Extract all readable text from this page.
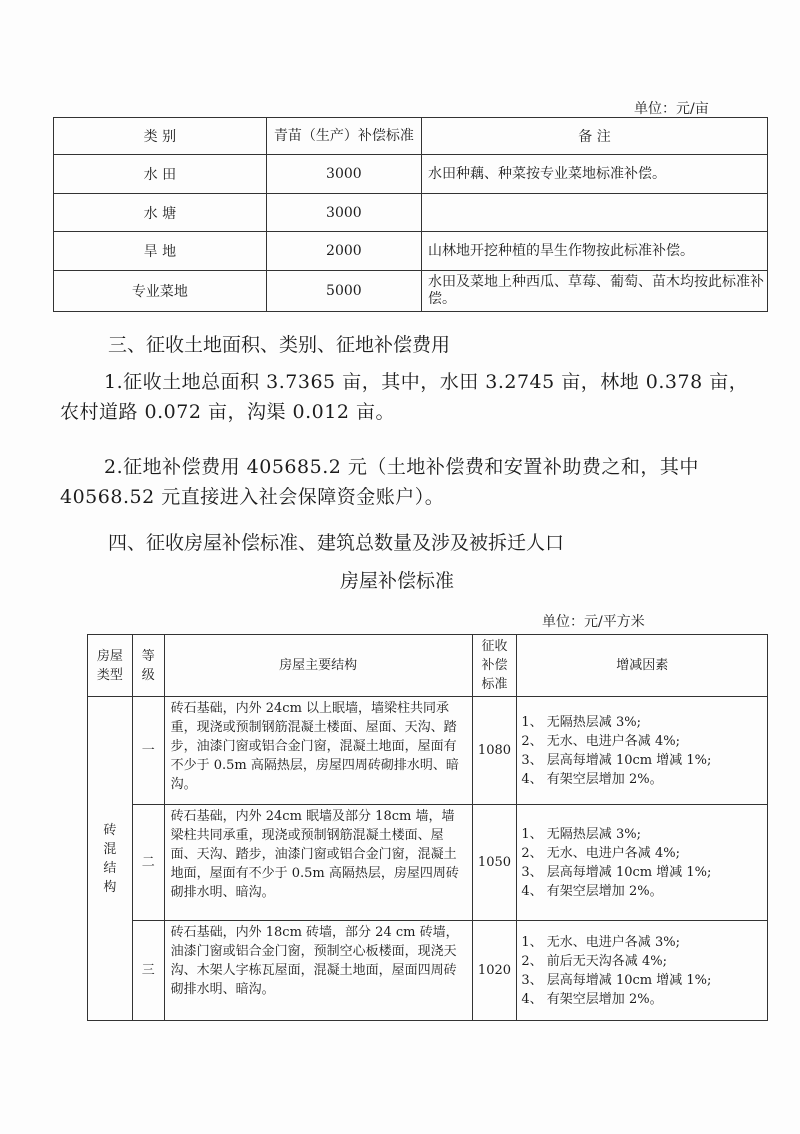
单位：元/亩
类 别	青苗（生产）补偿标准	备 注
水 田	3000	水田种藕、种菜按专业菜地标准补偿。
水 塘	3000	
旱 地	2000	山林地开挖种植的旱生作物按此标准补偿。
专业菜地	5000	水田及菜地上种西瓜、草莓、葡萄、苗木均按此标准补偿。
三、征收土地面积、类别、征地补偿费用
1.征收土地总面积 3.7365 亩，其中，水田 3.2745 亩，林地 0.378 亩，农村道路 0.072 亩，沟渠 0.012 亩。
2.征地补偿费用 405685.2 元（土地补偿费和安置补助费之和，其中 40568.52 元直接进入社会保障资金账户）。
四、征收房屋补偿标准、建筑总数量及涉及被拆迁人口
房屋补偿标准
单位：元/平方米
房屋类型	等级	房屋主要结构	征收补偿标准	增减因素
砖混结构	一	砖石基础，内外 24cm 以上眠墙，墙梁柱共同承重，现浇或预制钢筋混凝土楼面、屋面、天沟、踏步，油漆门窗或铝合金门窗，混凝土地面，屋面有不少于 0.5m 高隔热层，房屋四周砖砌排水明、暗沟。	1080	1、 无隔热层减 3%;
2、 无水、电进户各减 4%;
3、 层高每增减 10cm 增减 1%;
4、 有架空层增加 2%。

	二	砖石基础，内外 24cm 眠墙及部分 18cm 墙，墙梁柱共同承重，现浇或预制钢筋混凝土楼面、屋面、天沟、踏步，油漆门窗或铝合金门窗，混凝土地面，屋面有不少于 0.5m 高隔热层，房屋四周砖砌排水明、暗沟。	1050	1、 无隔热层减 3%;
2、 无水、电进户各减 4%;
3、 层高每增减 10cm 增减 1%;
4、 有架空层增加 2%。

	三	砖石基础，内外 18cm 砖墙，部分 24 cm 砖墙，油漆门窗或铝合金门窗，预制空心板楼面，现浇天沟、木架人字栋瓦屋面，混凝土地面，屋面四周砖砌排水明、暗沟。	1020	1、 无水、电进户各减 3%;
2、 前后无天沟各减 4%;
3、 层高每增减 10cm 增减 1%;
4、 有架空层增加 2%。
